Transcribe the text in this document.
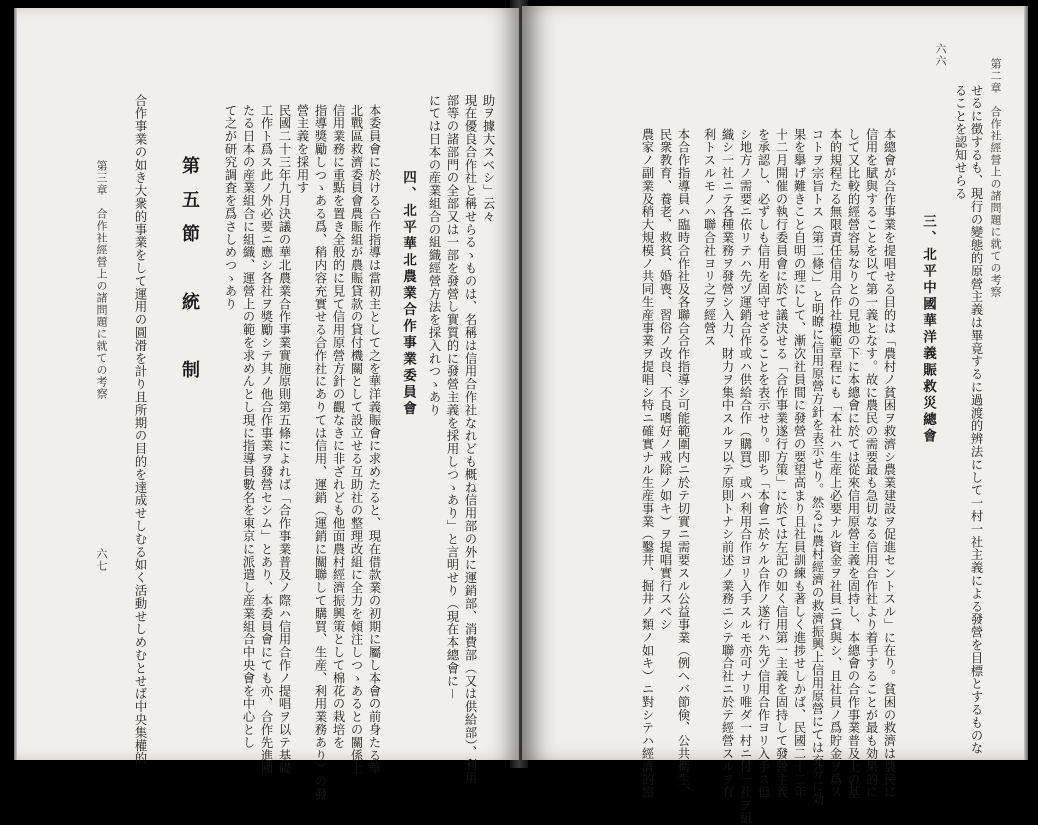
六六
第二章　合作社經營上の諸問題に就ての考察
せるに徴するも、現行の變態的原營主義は畢竟するに過渡的辨法にして一村一社主義による發營を目標とするものな
ることを認知せらる
三、北平中國華洋義賑救災總會
本總會が合作事業を提唱せる目的は「農村ノ貧困ヲ救濟シ農業建設ヲ促進セントスル」に在り。貧困の救濟は農民に
信用を賦與することを以て第一義となす。故に農民の需要最も急切なる信用合作社より着手することが最も効果的に
して又比較的經營容易なりとの見地の下に本總會に於ては從來信用原營主義を固持し、本總會の合作事業普及上の基
本的規程たる無限責任信用合作社模範章程にも「本社ハ生産上必要ナル資金ヲ社員ニ貸與シ、且社員ノ爲貯金ヲ爲ス
コトヲ宗旨トス（第二條）」と明瞭に信用原營方針を表示せり。然るに農村經濟の救濟振興上信用原營にては充分に効
果を擧げ難きこと自明の理にして、漸次社員間に發營の要望高まり且社員訓練も著しく進捗せしかば、民國二十二年
十二月開催の執行委員會に於て議決せる「合作事業遂行方策」に於ては左記の如く信用第一主義を固持して發營主義
を承認し、必ずしも信用を固守せざることを表示せり。即ち「本會ニ於ケル合作ノ遂行ハ先ヅ信用合作ヨリ入手ス但
シ地方ノ需要ニ依リテハ先ヅ運銷合作或ハ供給合作（購買）或ハ利用合作ヨリ入手スルモ亦可ナリ唯ダ一村ニ付一社ヲ組
織シ一社ニテ各種業務ヲ發營シ入力、財力ヲ集中スルヲ以テ原則トナシ前述ノ業務ニシテ聯合社ニ於テ經營スルヲ有
利トスルモノハ聯合社ヨリ之ヲ經營ス
本合作指導員ハ臨時合作社及各聯合合作指導シ可能範圍内ニ於テ切實ニ需要スル公益事業（例ヘバ節倹、公共衛生、
民衆教育、養老、救貧、婚喪、習俗ノ改良、不良嗜好ノ戒除ノ如キ）ヲ提唱實行スベシ
農家ノ副業及稍大規模ノ共同生産事業ヲ提唱シ特ニ確實ナル生産事業（鑿井、掘井ノ類ノ如キ）ニ對シテハ經濟的協
助ヲ據大スベシ」云々
現在優良合作社と稱せらるゝものは、名稱は信用合作社なれども概ね信用部の外に運銷部、消費部（又は供給部）、利用
部等の諸部門の全部又は一部を發營し實質的に發營主義を採用しつゝあり」と言明せり（現在本總會に－
にては日本の産業組合の組織經營方法を採入れつゝあり
四、北平華北農業合作事業委員會
本委員會に於ける合作指導は當初主として之を華洋義賑會に求めたると、現在借款業の初期に屬し本會の前身たる華
北戰區救濟委員會農賑組が農賑貸款の貸付機關として設立せる互助社の整理改組に全力を傾注しつゝあるとの關係上
信用業務に重點を置き全般的に見て信用原營方針の觀なきに非ざれども他面農村經濟振興策として棉花の栽培を
指導獎勵しつゝある爲、稍内容充實せる合作社にありては信用、運銷（運銷に關聯して購買、生産、利用業務あり）の發
營主義を採用す
民國二十三年九月決議の華北農業合作事業實施原則第五條によれば「合作事業普及ノ際ハ信用合作ノ提唱ヲ以テ基礎
工作ト爲ス此ノ外必要ニ應シ各社ヲ獎勵シテ其ノ他合作事業ヲ發營セシム」とあり、本委員會にても亦、合作先進國
たる日本の産業組合に組織、運營上の範を求めんとし現に指導員數名を東京に派遣し産業組合中央會を中心とし
て之が研究調査を爲さしめつゝあり
第五節　統　制
合作事業の如き大衆的事業をして運用の圓滑を計り且所期の目的を達成せしむる如く活動せしめむとせば中央集權的
第三章　合作社經營上の諸問題に就ての考察
六七
